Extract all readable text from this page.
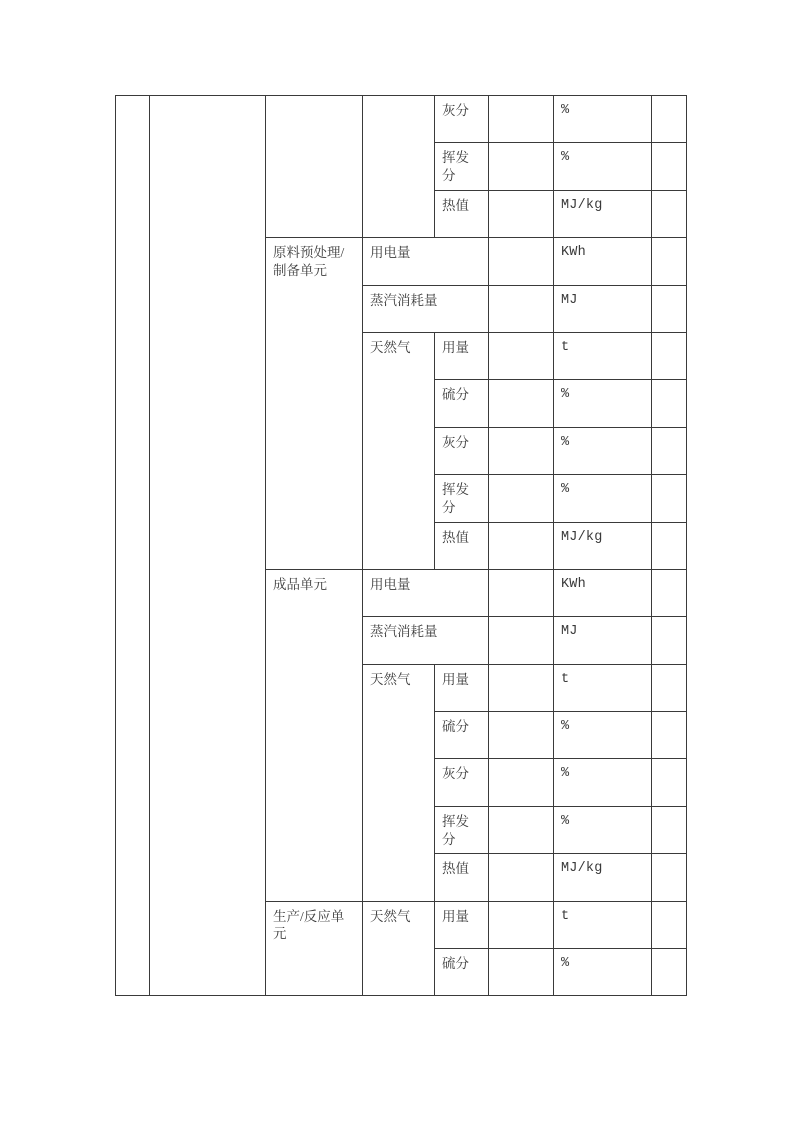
				灰分		%	
				挥发分		%	
				热值		MJ/kg	
		原料预处理/制备单元	用电量			KWh	
			蒸汽消耗量			MJ	
			天然气	用量		t	
				硫分		%	
				灰分		%	
				挥发分		%	
				热值		MJ/kg	
		成品单元	用电量			KWh	
			蒸汽消耗量			MJ	
			天然气	用量		t	
				硫分		%	
				灰分		%	
				挥发分		%	
				热值		MJ/kg	
		生产/反应单元	天然气	用量		t	
				硫分		%	
